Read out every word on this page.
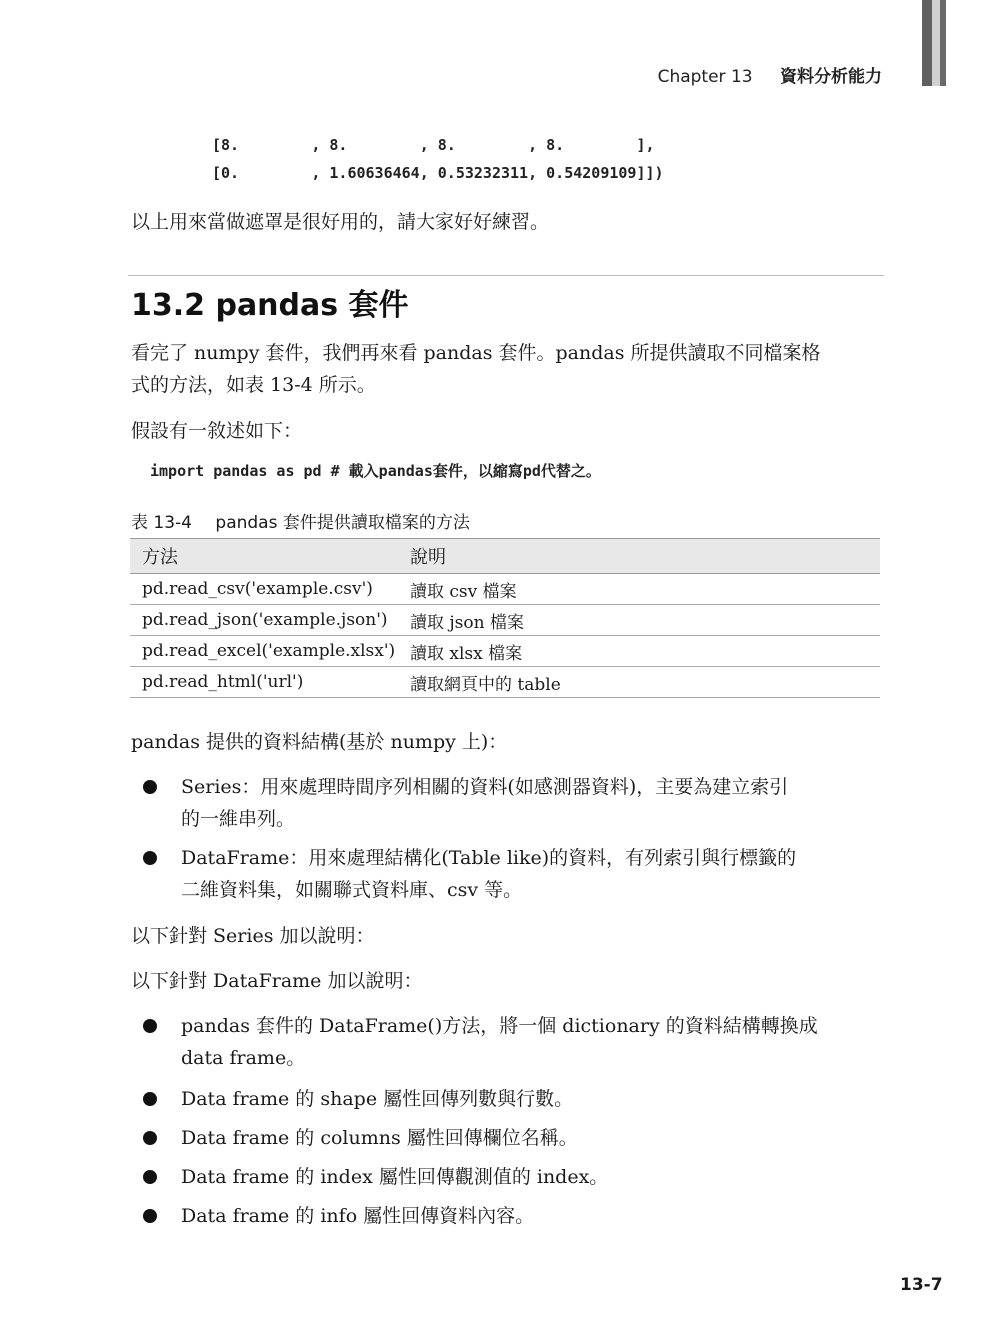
Chapter 13 資料分析能力
[8.        , 8.        , 8.        , 8.        ],
[0.        , 1.60636464, 0.53232311, 0.54209109]])
以上用來當做遮罩是很好用的，請大家好好練習。
13.2 pandas 套件
看完了 numpy 套件，我們再來看 pandas 套件。pandas 所提供讀取不同檔案格
式的方法，如表 13-4 所示。
假設有一敘述如下：
import pandas as pd # 載入pandas套件，以縮寫pd代替之。
表 13-4 pandas 套件提供讀取檔案的方法
方法	說明
pd.read_csv('example.csv')	讀取 csv 檔案
pd.read_json('example.json')	讀取 json 檔案
pd.read_excel('example.xlsx')	讀取 xlsx 檔案
pd.read_html('url')	讀取網頁中的 table
pandas 提供的資料結構(基於 numpy 上)：
Series：用來處理時間序列相關的資料(如感測器資料)，主要為建立索引
的一維串列。
DataFrame：用來處理結構化(Table like)的資料，有列索引與行標籤的
二維資料集，如關聯式資料庫、csv 等。
以下針對 Series 加以說明：
以下針對 DataFrame 加以說明：
pandas 套件的 DataFrame()方法，將一個 dictionary 的資料結構轉換成
data frame。
Data frame 的 shape 屬性回傳列數與行數。
Data frame 的 columns 屬性回傳欄位名稱。
Data frame 的 index 屬性回傳觀測值的 index。
Data frame 的 info 屬性回傳資料內容。
13-7
